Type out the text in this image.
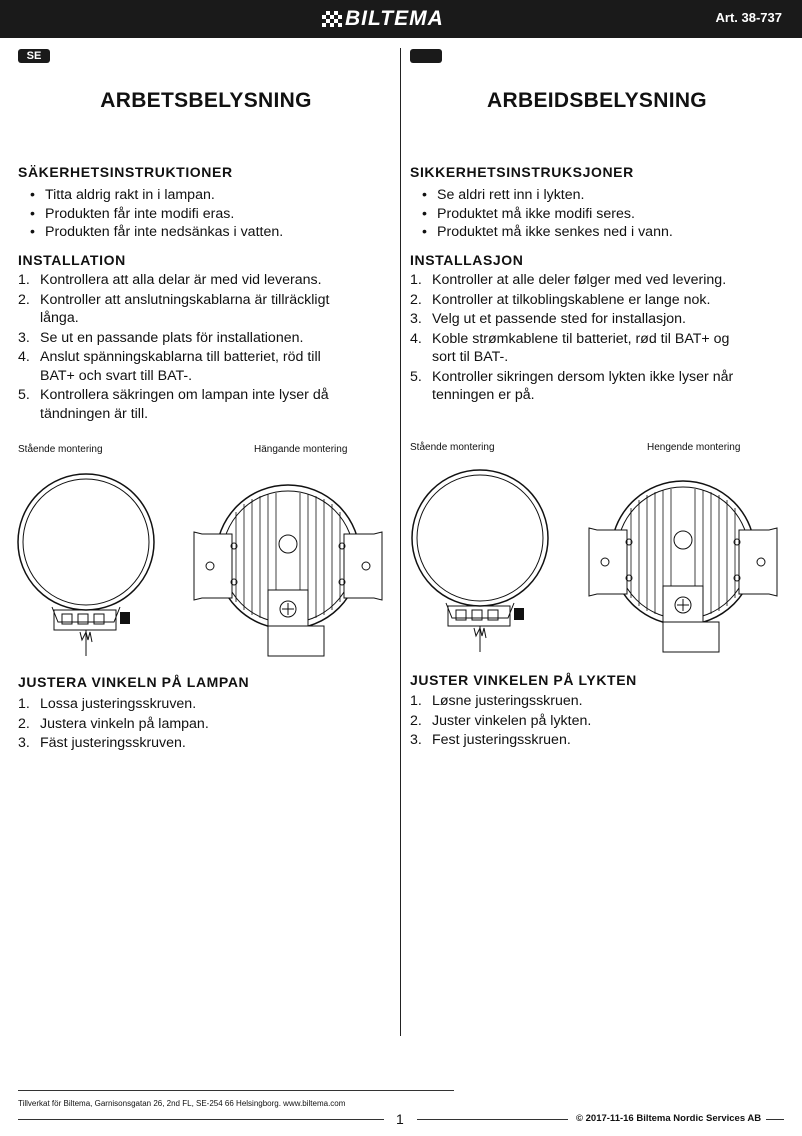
BILTEMA	Art. 38-737
SE
ARBETSBELYSNING
SÄKERHETSINSTRUKTIONER
• Titta aldrig rakt in i lampan.
• Produkten får inte modifi eras.
• Produkten får inte nedsänkas i vatten.
INSTALLATION
1. Kontrollera att alla delar är med vid leverans.
2. Kontroller att anslutningskablarna är tillräckligt
långa.
3. Se ut en passande plats för installationen.
4. Anslut spänningskablarna till batteriet, röd till
BAT+ och svart till BAT-.
5. Kontrollera säkringen om lampan inte lyser då
tändningen är till.
Stående montering	Hängande montering
JUSTERA VINKELN PÅ LAMPAN
1. Lossa justeringsskruven.
2. Justera vinkeln på lampan.
3. Fäst justeringsskruven.
ARBEIDSBELYSNING
SIKKERHETSINSTRUKSJONER
• Se aldri rett inn i lykten.
• Produktet må ikke modifi seres.
• Produktet må ikke senkes ned i vann.
INSTALLASJON
1. Kontroller at alle deler følger med ved levering.
2. Kontroller at tilkoblingskablene er lange nok.
3. Velg ut et passende sted for installasjon.
4. Koble strømkablene til batteriet, rød til BAT+ og
sort til BAT-.
5. Kontroller sikringen dersom lykten ikke lyser når
tenningen er på.
Stående montering	Hengende montering
JUSTER VINKELEN PÅ LYKTEN
1. Løsne justeringsskruen.
2. Juster vinkelen på lykten.
3. Fest justeringsskruen.
Tillverkat för Biltema, Garnisonsgatan 26, 2nd FL, SE-254 66 Helsingborg. www.biltema.com
1	© 2017-11-16 Biltema Nordic Services AB
